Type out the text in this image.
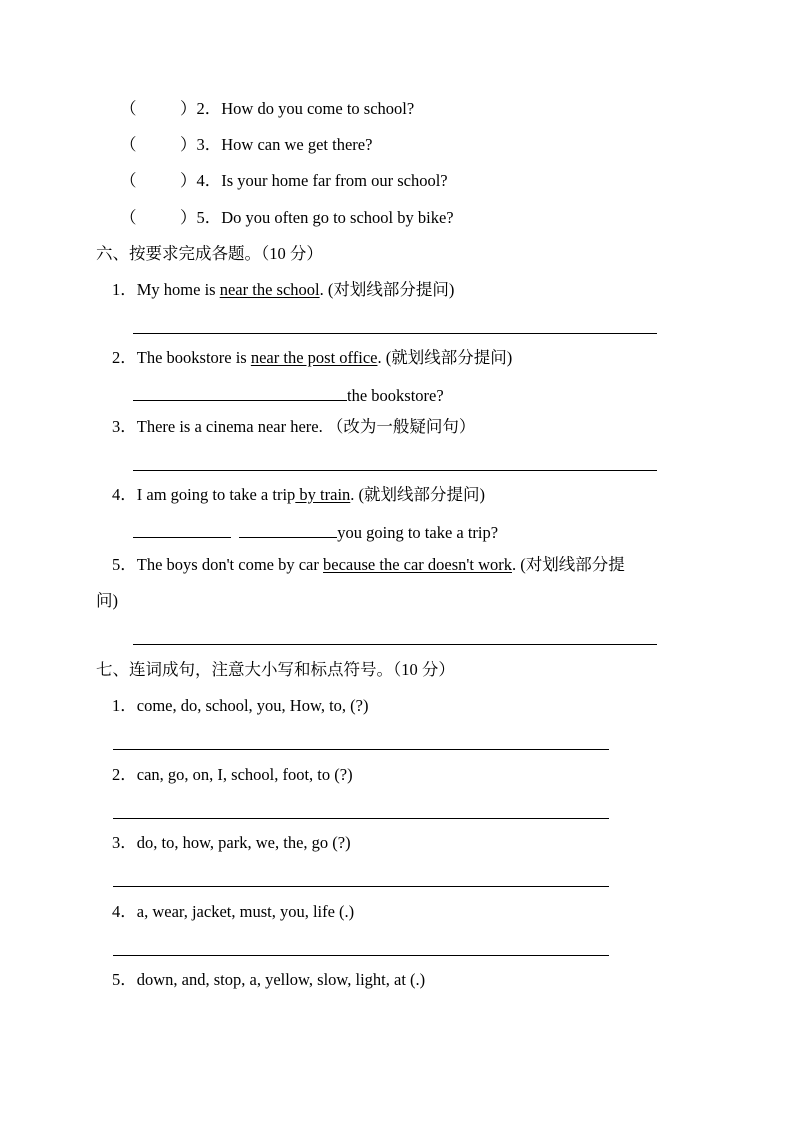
（	）2．How do you come to school?
（	）3．How can we get there?
（	）4．Is your home far from our school?
（	）5．Do you often go to school by bike?
六、按要求完成各题。（10 分）
1．My home is near the school. (对划线部分提问)
2．The bookstore is near the post office. (就划线部分提问)
the bookstore?
3．There is a cinema near here. （改为一般疑问句）
4．I am going to take a trip by train. (就划线部分提问)
you going to take a trip?
5．The boys don't come by car because the car doesn't work. (对划线部分提
问)
七、连词成句，注意大小写和标点符号。（10 分）
1．come, do, school, you, How, to, (?)
2．can, go, on, I, school, foot, to (?)
3．do, to, how, park, we, the, go (?)
4．a, wear, jacket, must, you, life (.)
5．down, and, stop, a, yellow, slow, light, at (.)
